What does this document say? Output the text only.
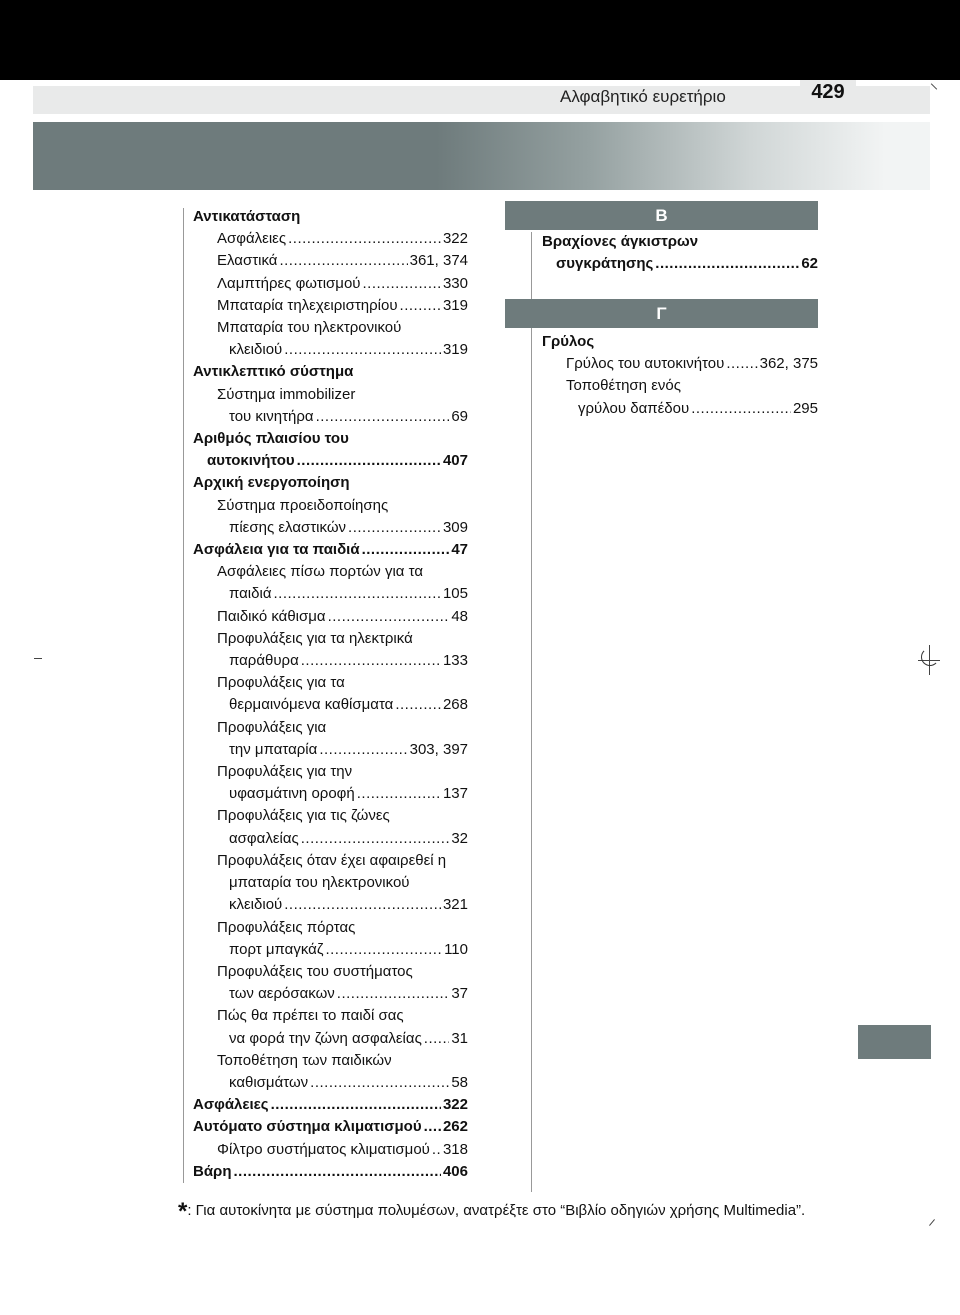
Αλφαβητικό ευρετήριο	429
Αντικατάσταση
Ασφάλειες .....	322
Ελαστικά .....	361, 374
Λαμπτήρες φωτισμού .....	330
Μπαταρία τηλεχειριστηρίου .....	319
Μπαταρία του ηλεκτρονικού
κλειδιού .....	319
Αντικλεπτικό σύστημα
Σύστημα immobilizer
του κινητήρα .....	69
Αριθμός πλαισίου του
αυτοκινήτου .....	407
Αρχική ενεργοποίηση
Σύστημα προειδοποίησης
πίεσης ελαστικών .....	309
Ασφάλεια για τα παιδιά .....	47
Ασφάλειες πίσω πορτών για τα
παιδιά .....	105
Παιδικό κάθισμα .....	48
Προφυλάξεις για τα ηλεκτρικά
παράθυρα .....	133
Προφυλάξεις για τα
θερμαινόμενα καθίσματα .....	268
Προφυλάξεις για
την μπαταρία .....	303, 397
Προφυλάξεις για την
υφασμάτινη οροφή .....	137
Προφυλάξεις για τις ζώνες
ασφαλείας .....	32
Προφυλάξεις όταν έχει αφαιρεθεί η
μπαταρία του ηλεκτρονικού
κλειδιού .....	321
Προφυλάξεις πόρτας
πορτ μπαγκάζ .....	110
Προφυλάξεις του συστήματος
των αερόσακων .....	37
Πώς θα πρέπει το παιδί σας
να φορά την ζώνη ασφαλείας ..... 31
Τοποθέτηση των παιδικών
καθισμάτων .....	58
Ασφάλειες .....	322
Αυτόματο σύστημα κλιματισμού ..... 262
Φίλτρο συστήματος κλιματισμού ..... 318
Βάρη .....	406
Β
Βραχίονες άγκιστρων
συγκράτησης .....	62
Γ
Γρύλος
Γρύλος του αυτοκινήτου ..... 362, 375
Τοποθέτηση ενός
γρύλου δαπέδου .....	295
*: Για αυτοκίνητα με σύστημα πολυμέσων, ανατρέξτε στο “Βιβλίο οδηγιών χρήσης Multimedia”.
